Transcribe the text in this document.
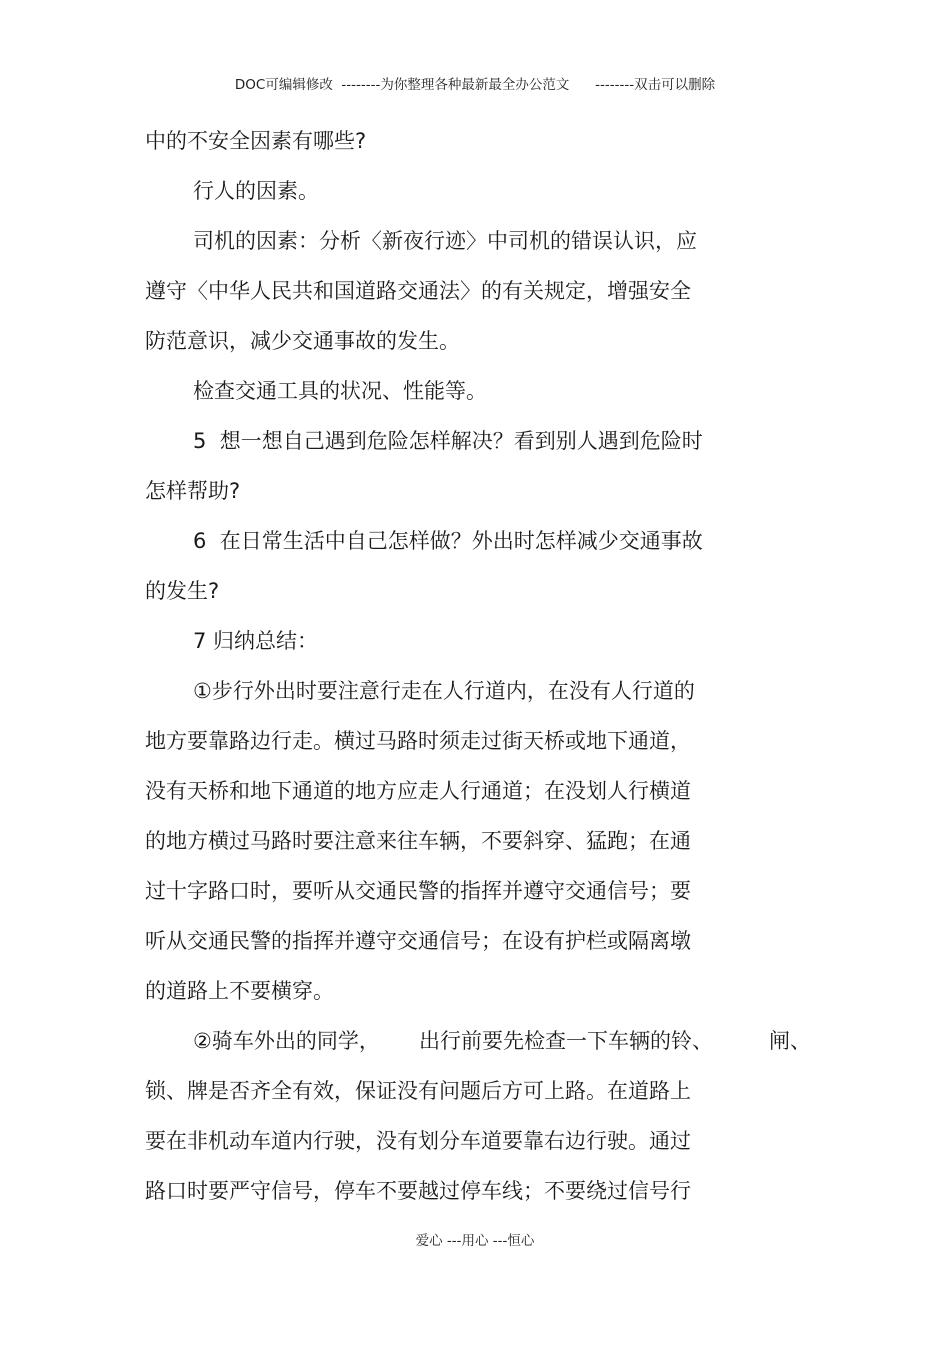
DOC可编辑修改  --------为你整理各种最新最全办公范文      --------双击可以删除
中的不安全因素有哪些?
行人的因素。
司机的因素：分析〈新夜行迹〉中司机的错误认识，应
遵守〈中华人民共和国道路交通法〉的有关规定，增强安全
防范意识，减少交通事故的发生。
检查交通工具的状况、性能等。
5  想一想自己遇到危险怎样解决？看到别人遇到危险时
怎样帮助?
6  在日常生活中自己怎样做？外出时怎样减少交通事故
的发生?
7 归纳总结：
①步行外出时要注意行走在人行道内，在没有人行道的
地方要靠路边行走。横过马路时须走过街天桥或地下通道，
没有天桥和地下通道的地方应走人行通道；在没划人行横道
的地方横过马路时要注意来往车辆，不要斜穿、猛跑；在通
过十字路口时，要听从交通民警的指挥并遵守交通信号；要
听从交通民警的指挥并遵守交通信号；在设有护栏或隔离墩
的道路上不要横穿。
②骑车外出的同学， 出行前要先检查一下车辆的铃、	闸、
锁、牌是否齐全有效，保证没有问题后方可上路。在道路上
要在非机动车道内行驶，没有划分车道要靠右边行驶。通过
路口时要严守信号，停车不要越过停车线；不要绕过信号行
爱心 ---用心 ---恒心
